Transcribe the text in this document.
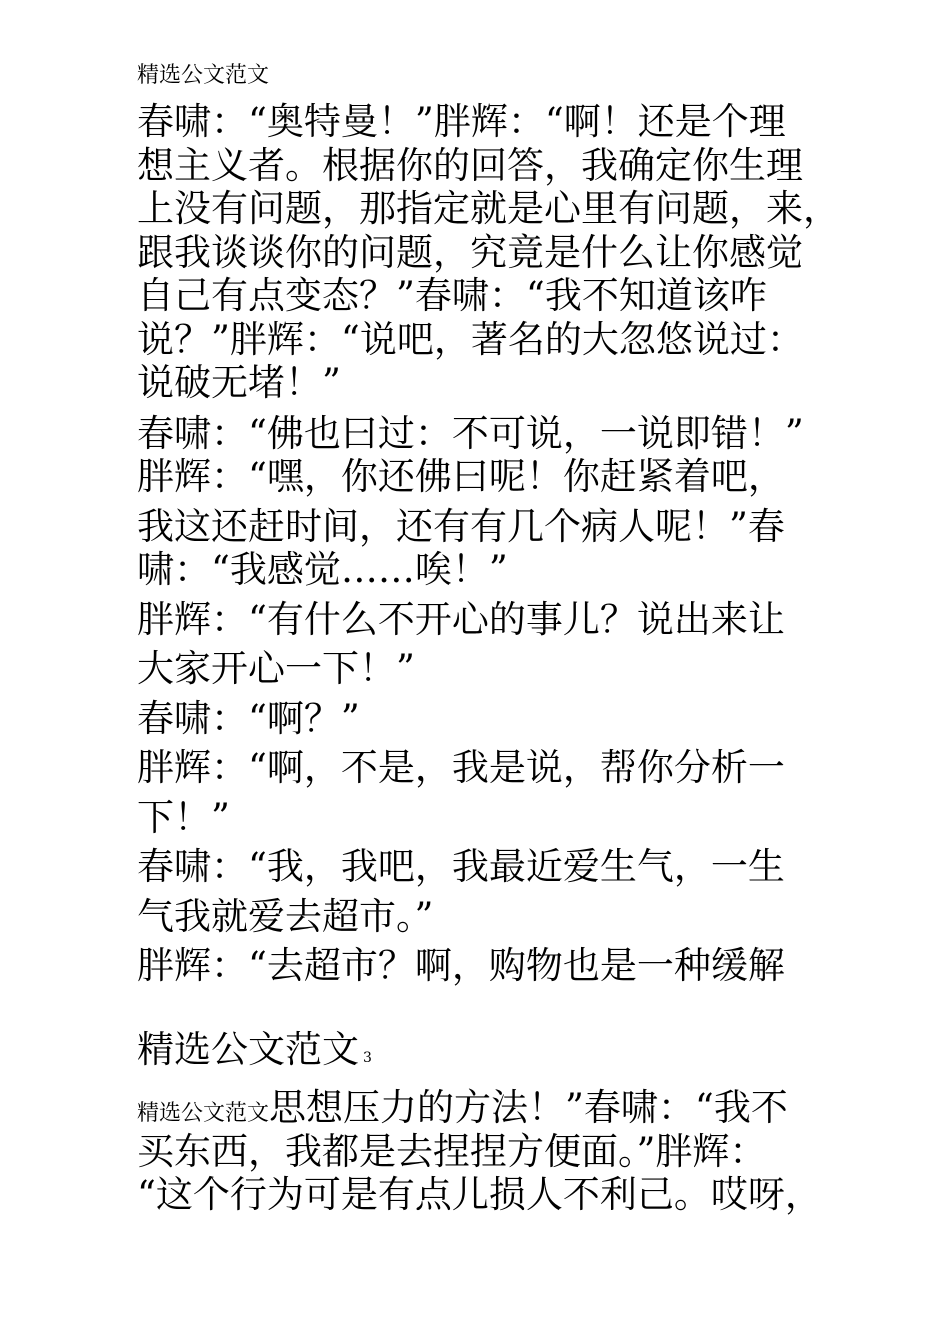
精选公文范文
春啸：“奥特曼！”胖辉：“啊！还是个理
想主义者。根据你的回答，我确定你生理
上没有问题，那指定就是心里有问题，来，
跟我谈谈你的问题，究竟是什么让你感觉
自己有点变态？”春啸：“我不知道该咋
说？”胖辉：“说吧，著名的大忽悠说过：
说破无堵！”
春啸：“佛也曰过：不可说，一说即错！”
胖辉：“嘿，你还佛曰呢！你赶紧着吧，
我这还赶时间，还有有几个病人呢！”春
啸：“我感觉……唉！”
胖辉：“有什么不开心的事儿？说出来让
大家开心一下！”
春啸：“啊？”
胖辉：“啊，不是，我是说，帮你分析一
下！”
春啸：“我，我吧，我最近爱生气，一生
气我就爱去超市。”
胖辉：“去超市？啊，购物也是一种缓解
精选公文范文 3
精选公文范文思想压力的方法！”春啸：“我不
买东西，我都是去捏捏方便面。”胖辉：
“这个行为可是有点儿损人不利己。哎呀，
